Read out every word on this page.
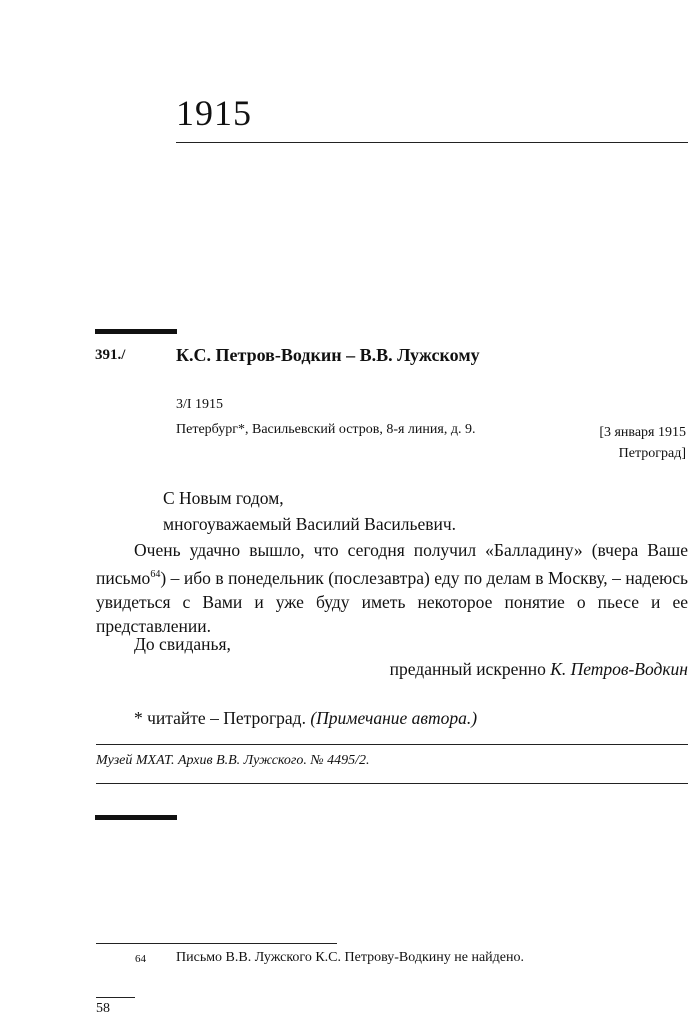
1915
391./	К.С. Петров-Водкин – В.В. Лужскому
3/I 1915
Петербург*, Васильевский остров, 8-я линия, д. 9.	[3 января 1915
Петроград]
С Новым годом,
многоуважаемый Василий Васильевич.
Очень удачно вышло, что сегодня получил «Балладину» (вчера Ваше письмо$^{64}$) – ибо в понедельник (послезавтра) еду по делам в Москву, – надеюсь увидеться с Вами и уже буду иметь некоторое понятие о пьесе и ее представлении.
До свиданья,
преданный искренно К. Петров-Водкин
* читайте – Петроград. (Примечание автора.)
Музей МХАТ. Архив В.В. Лужского. № 4495/2.
64 Письмо В.В. Лужского К.С. Петрову-Водкину не найдено.
58
